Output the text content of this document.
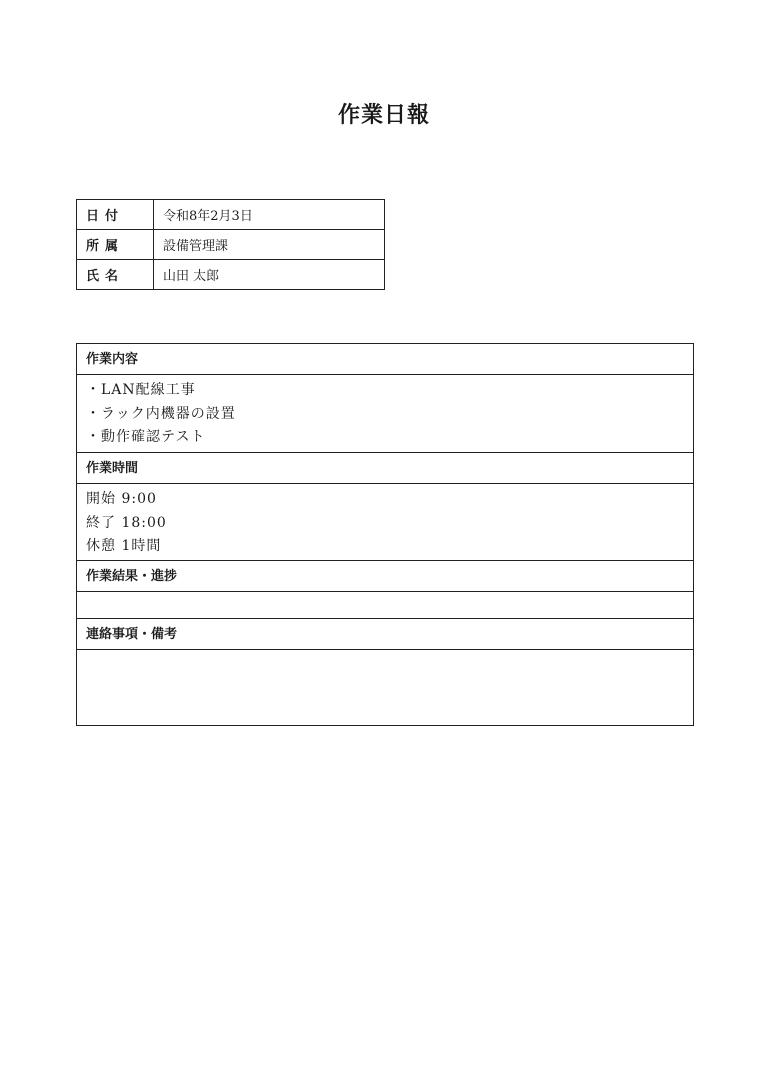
作業日報
日付	令和8年2月3日
所属	設備管理課
氏名	山田 太郎
作業内容
・LAN配線工事
・ラック内機器の設置
・動作確認テスト
作業時間
開始 9:00
終了 18:00
休憩 1時間
作業結果・進捗
連絡事項・備考
